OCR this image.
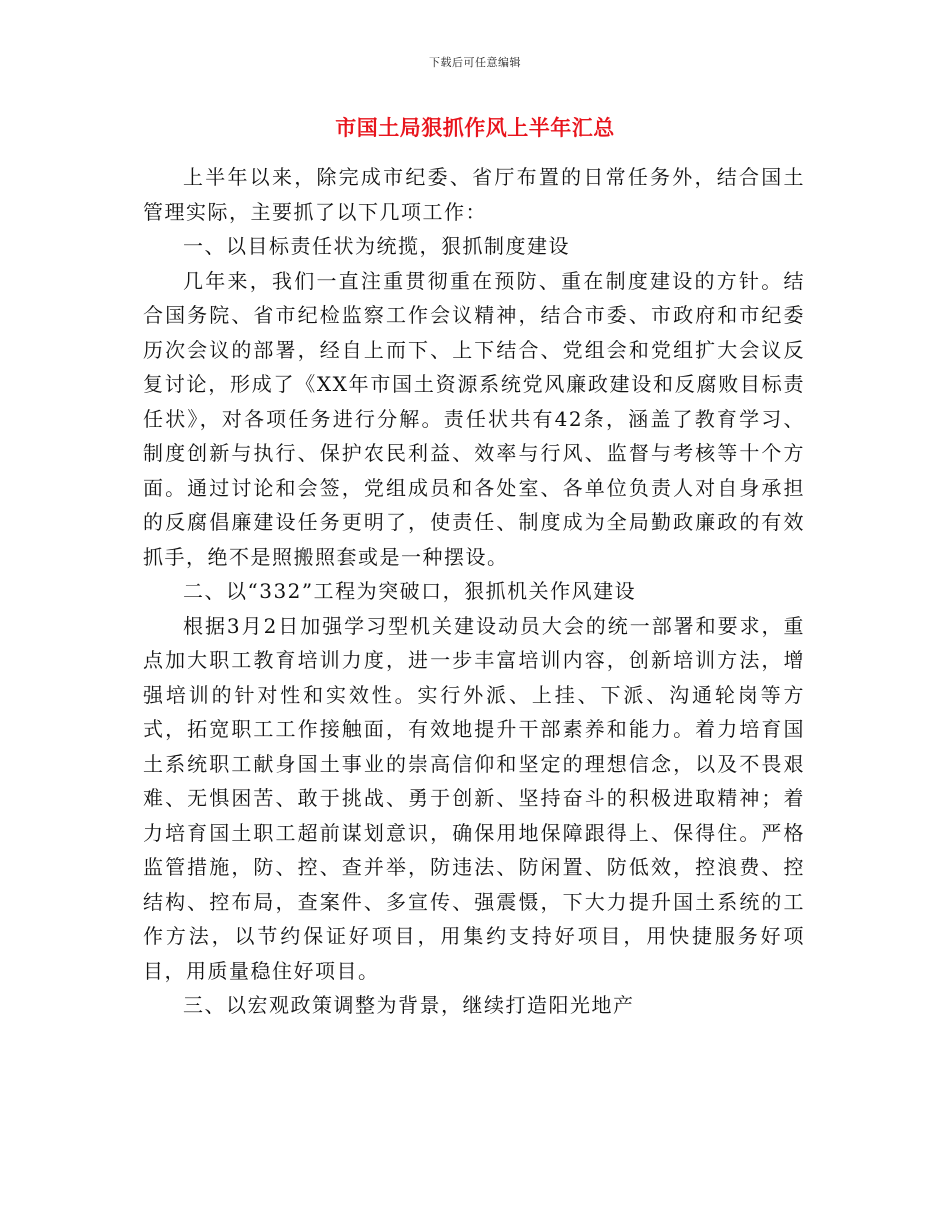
下载后可任意编辑
市国土局狠抓作风上半年汇总

上半年以来，除完成市纪委、省厅布置的日常任务外，结合国土管理实际，主要抓了以下几项工作：

一、以目标责任状为统揽，狠抓制度建设

几年来，我们一直注重贯彻重在预防、重在制度建设的方针。结合国务院、省市纪检监察工作会议精神，结合市委、市政府和市纪委历次会议的部署，经自上而下、上下结合、党组会和党组扩大会议反复讨论，形成了《XX年市国土资源系统党风廉政建设和反腐败目标责任状》，对各项任务进行分解。责任状共有42条，涵盖了教育学习、制度创新与执行、保护农民利益、效率与行风、监督与考核等十个方面。通过讨论和会签，党组成员和各处室、各单位负责人对自身承担的反腐倡廉建设任务更明了，使责任、制度成为全局勤政廉政的有效抓手，绝不是照搬照套或是一种摆设。

二、以“332”工程为突破口，狠抓机关作风建设

根据3月2日加强学习型机关建设动员大会的统一部署和要求，重点加大职工教育培训力度，进一步丰富培训内容，创新培训方法，增强培训的针对性和实效性。实行外派、上挂、下派、沟通轮岗等方式，拓宽职工工作接触面，有效地提升干部素养和能力。着力培育国土系统职工献身国土事业的崇高信仰和坚定的理想信念，以及不畏艰难、无惧困苦、敢于挑战、勇于创新、坚持奋斗的积极进取精神；着力培育国土职工超前谋划意识，确保用地保障跟得上、保得住。严格监管措施，防、控、查并举，防违法、防闲置、防低效，控浪费、控结构、控布局，查案件、多宣传、强震慑，下大力提升国土系统的工作方法，以节约保证好项目，用集约支持好项目，用快捷服务好项目，用质量稳住好项目。

三、以宏观政策调整为背景，继续打造阳光地产
